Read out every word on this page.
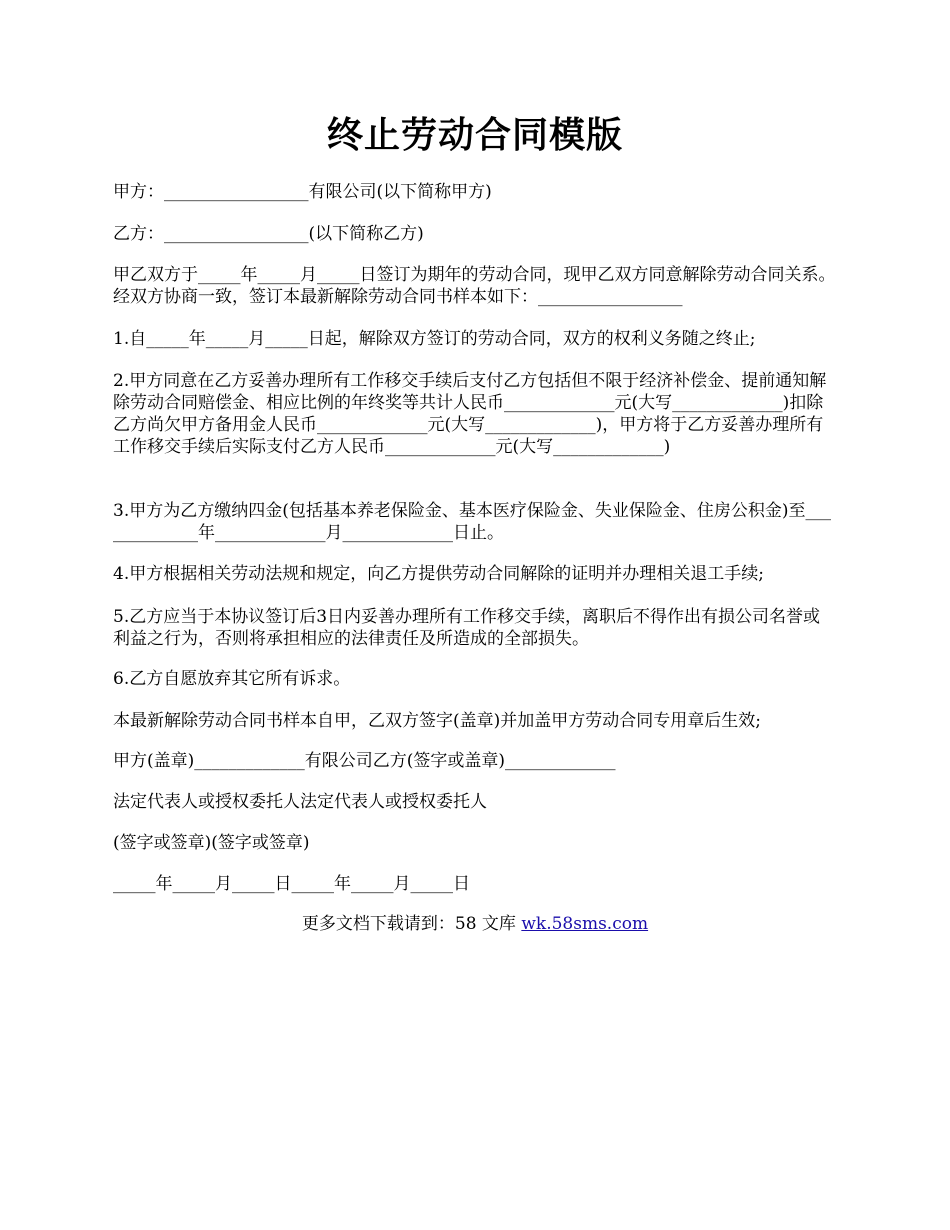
终止劳动合同模版

甲方：_________________有限公司(以下简称甲方)

乙方：_________________(以下简称乙方)

甲乙双方于_____年_____月_____日签订为期年的劳动合同，现甲乙双方同意解除劳动合同关系。经双方协商一致，签订本最新解除劳动合同书样本如下：_________________

1.自_____年_____月_____日起，解除双方签订的劳动合同，双方的权利义务随之终止;

2.甲方同意在乙方妥善办理所有工作移交手续后支付乙方包括但不限于经济补偿金、提前通知解除劳动合同赔偿金、相应比例的年终奖等共计人民币_____________元(大写_____________)扣除乙方尚欠甲方备用金人民币_____________元(大写_____________)，甲方将于乙方妥善办理所有工作移交手续后实际支付乙方人民币_____________元(大写_____________)

3.甲方为乙方缴纳四金(包括基本养老保险金、基本医疗保险金、失业保险金、住房公积金)至_____________年_____________月_____________日止。

4.甲方根据相关劳动法规和规定，向乙方提供劳动合同解除的证明并办理相关退工手续;

5.乙方应当于本协议签订后3日内妥善办理所有工作移交手续，离职后不得作出有损公司名誉或利益之行为，否则将承担相应的法律责任及所造成的全部损失。

6.乙方自愿放弃其它所有诉求。

本最新解除劳动合同书样本自甲，乙双方签字(盖章)并加盖甲方劳动合同专用章后生效;

甲方(盖章)_____________有限公司乙方(签字或盖章)_____________

法定代表人或授权委托人法定代表人或授权委托人

(签字或签章)(签字或签章)

_____年_____月_____日_____年_____月_____日

更多文档下载请到：58 文库 wk.58sms.com
